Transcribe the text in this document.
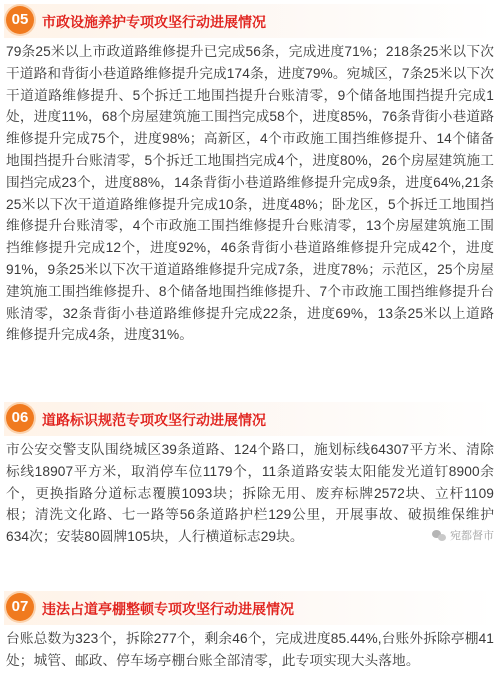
05 市政设施养护专项攻坚行动进展情况

79条25米以上市政道路维修提升已完成56条，完成进度71%；218条25米以下次干道路和背街小巷道路维修提升完成174条，进度79%。宛城区，7条25米以下次干道道路维修提升、5个拆迁工地围挡提升台账清零，9个储备地围挡提升完成1处，进度11%，68个房屋建筑施工围挡完成58个，进度85%，76条背街小巷道路维修提升完成75个，进度98%；高新区，4个市政施工围挡维修提升、14个储备地围挡提升台账清零，5个拆迁工地围挡完成4个，进度80%，26个房屋建筑施工围挡完成23个，进度88%，14条背街小巷道路维修提升完成9条，进度64%,21条25米以下次干道道路维修提升完成10条，进度48%；卧龙区，5个拆迁工地围挡维修提升台账清零，4个市政施工围挡维修提升台账清零，13个房屋建筑施工围挡维修提升完成12个，进度92%，46条背街小巷道路维修提升完成42个，进度91%，9条25米以下次干道道路维修提升完成7条，进度78%；示范区，25个房屋建筑施工围挡维修提升、8个储备地围挡维修提升、7个市政施工围挡维修提升台账清零，32条背街小巷道路维修提升完成22条，进度69%，13条25米以上道路维修提升完成4条，进度31%。

06 道路标识规范专项攻坚行动进展情况

市公安交警支队围绕城区39条道路、124个路口，施划标线64307平方米、清除标线18907平方米，取消停车位1179个，11条道路安装太阳能发光道钉8900余个，更换指路分道标志覆膜1093块；拆除无用、废弃标牌2572块、立杆1109根；清洗文化路、七一路等56条道路护栏129公里，开展事故、破损维保维护634次；安装80圆牌105块，人行横道标志29块。

07 违法占道亭棚整顿专项攻坚行动进展情况

台账总数为323个，拆除277个，剩余46个，完成进度85.44%,台账外拆除亭棚41处；城管、邮政、停车场亭棚台账全部清零，此专项实现大头落地。

宛都督市
